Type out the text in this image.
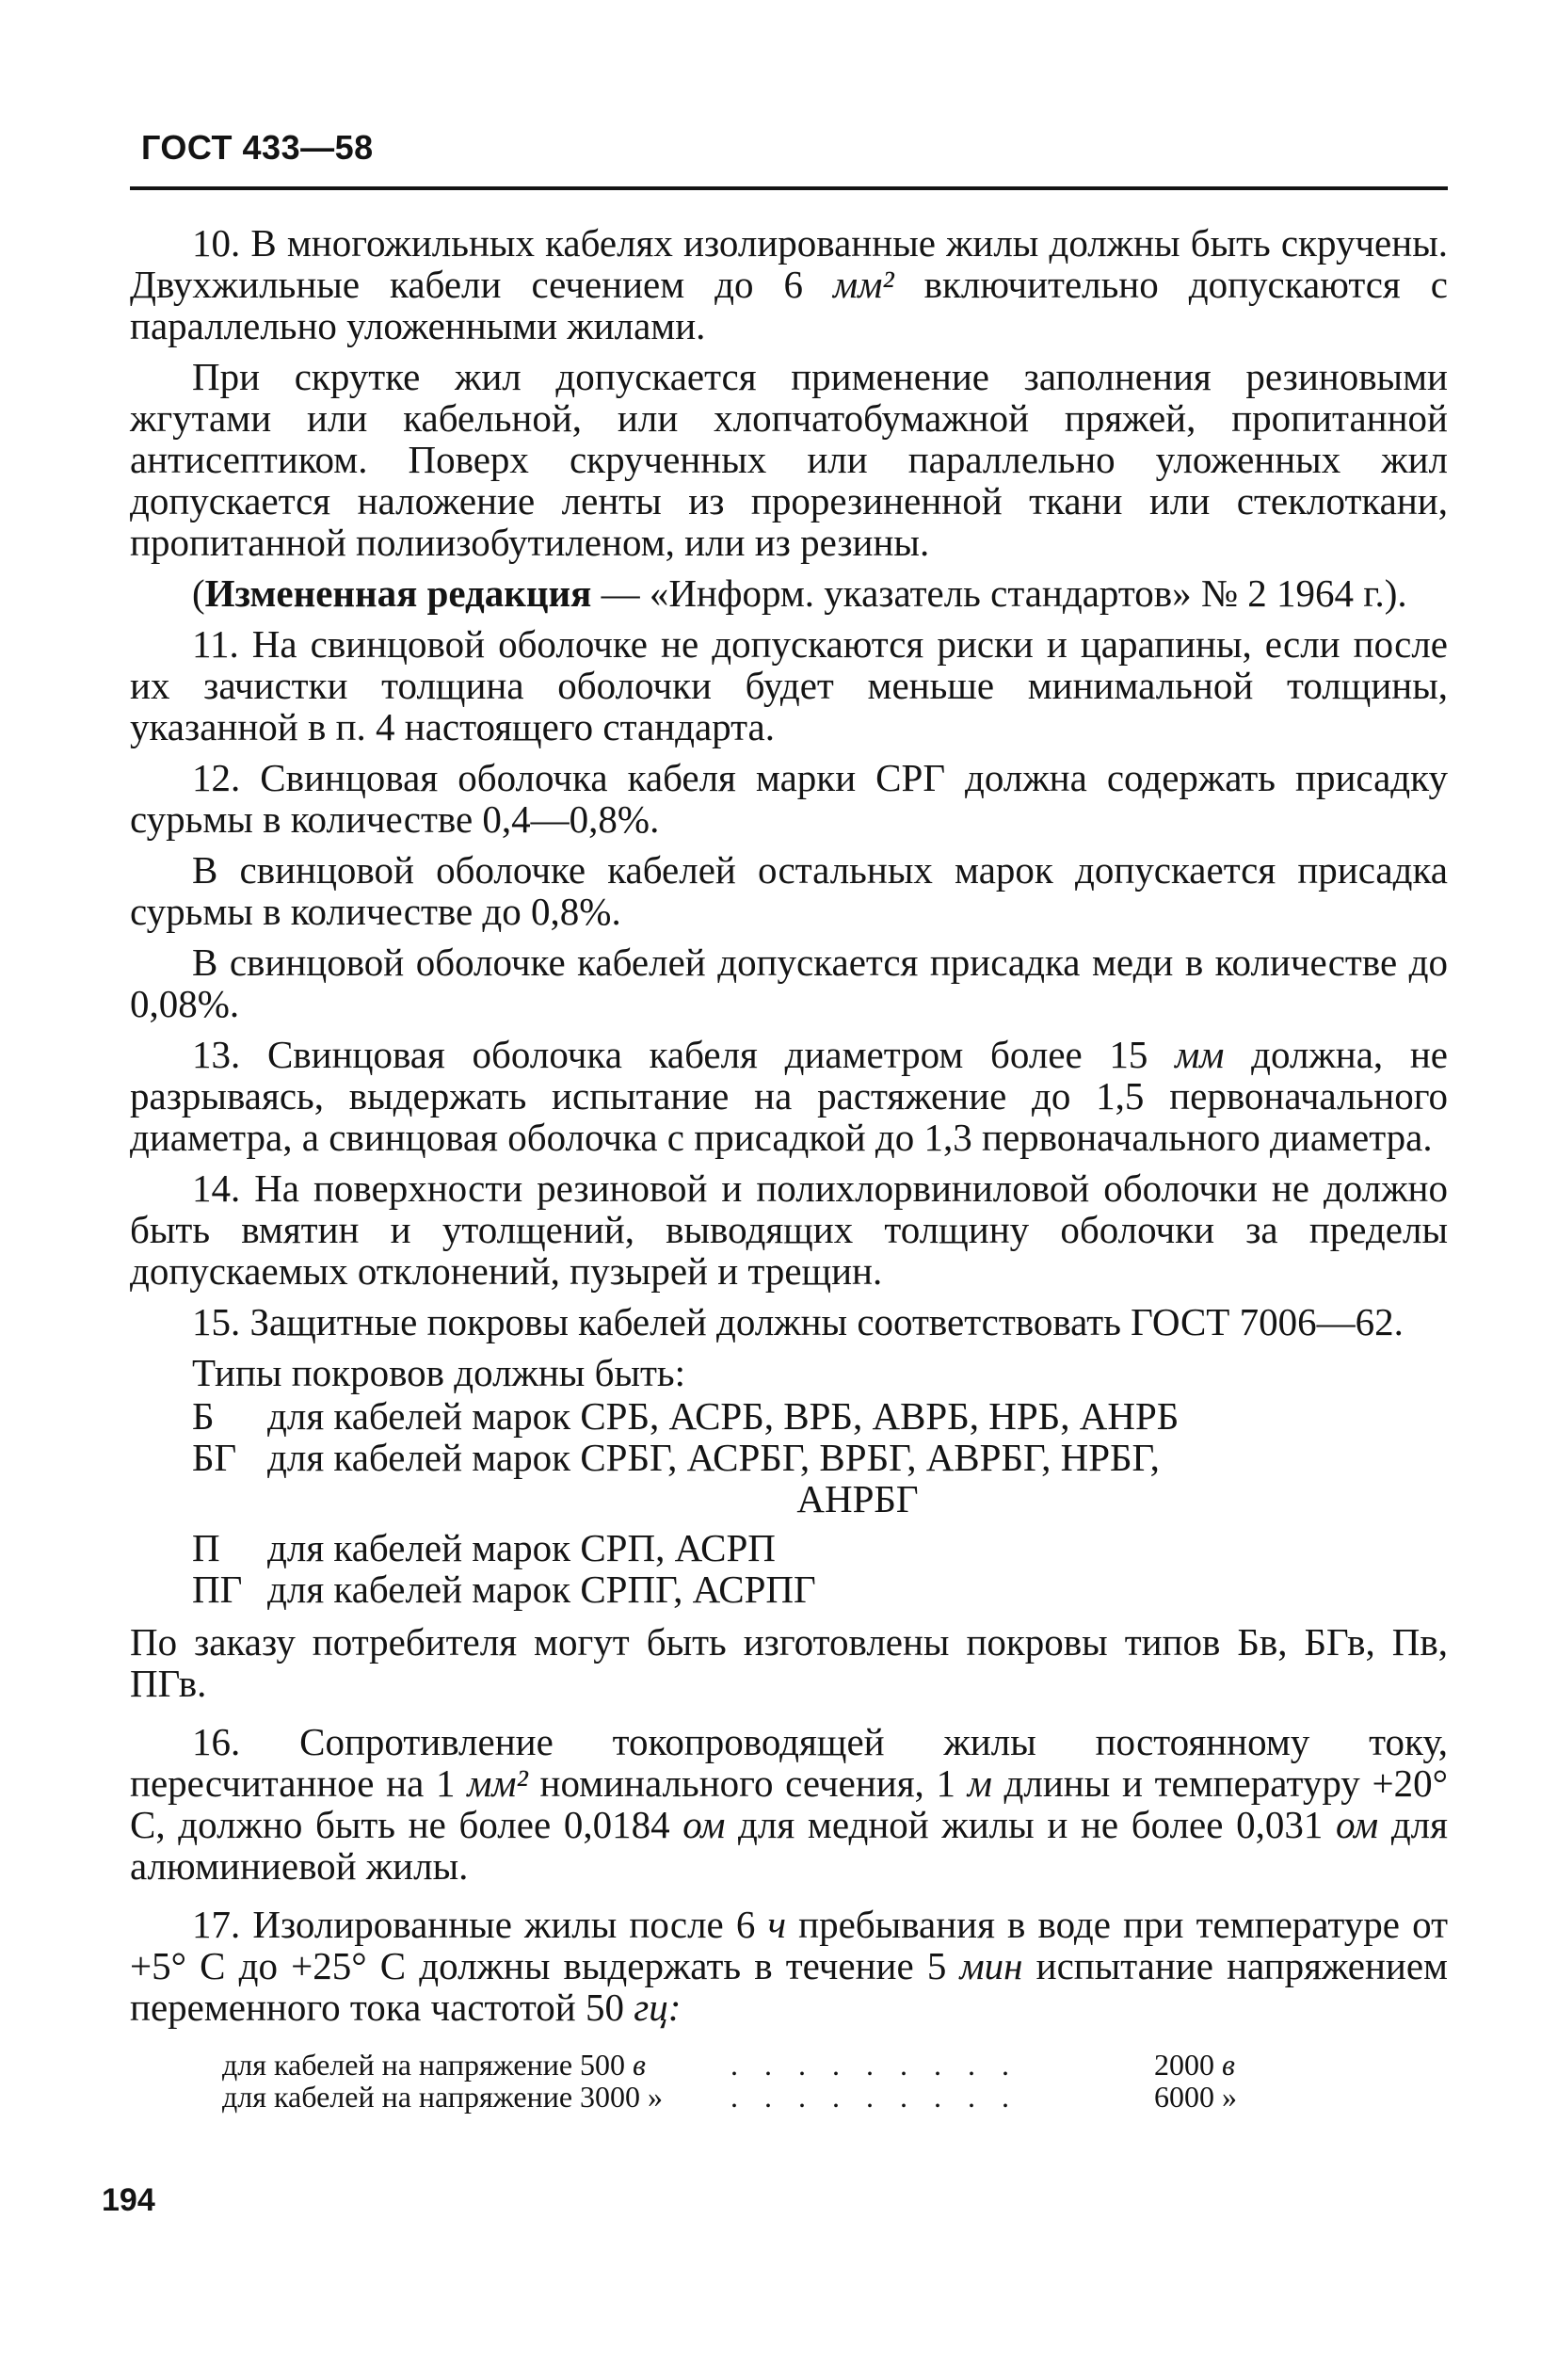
ГОСТ 433—58

10. В многожильных кабелях изолированные жилы должны быть скручены. Двухжильные кабели сечением до 6 мм² включительно допускаются с параллельно уложенными жилами.

При скрутке жил допускается применение заполнения резиновыми жгутами или кабельной, или хлопчатобумажной пряжей, пропитанной антисептиком. Поверх скрученных или параллельно уложенных жил допускается наложение ленты из прорезиненной ткани или стеклоткани, пропитанной полиизобутиленом, или из резины.

(Измененная редакция — «Информ. указатель стандартов» № 2 1964 г.).

11. На свинцовой оболочке не допускаются риски и царапины, если после их зачистки толщина оболочки будет меньше минимальной толщины, указанной в п. 4 настоящего стандарта.

12. Свинцовая оболочка кабеля марки СРГ должна содержать присадку сурьмы в количестве 0,4—0,8%.

В свинцовой оболочке кабелей остальных марок допускается присадка сурьмы в количестве до 0,8%.

В свинцовой оболочке кабелей допускается присадка меди в количестве до 0,08%.

13. Свинцовая оболочка кабеля диаметром более 15 мм должна, не разрываясь, выдержать испытание на растяжение до 1,5 первоначального диаметра, а свинцовая оболочка с присадкой до 1,3 первоначального диаметра.

14. На поверхности резиновой и полихлорвиниловой оболочки не должно быть вмятин и утолщений, выводящих толщину оболочки за пределы допускаемых отклонений, пузырей и трещин.

15. Защитные покровы кабелей должны соответствовать ГОСТ 7006—62.

Типы покровов должны быть:

Б	для кабелей марок СРБ, АСРБ, ВРБ, АВРБ, НРБ, АНРБ
БГ для кабелей марок СРБГ, АСРБГ, ВРБГ, АВРБГ, НРБГ,
АНРБГ
П	для кабелей марок СРП, АСРП
ПГ для кабелей марок СРПГ, АСРПГ

По заказу потребителя могут быть изготовлены покровы типов Бв, БГв, Пв, ПГв.

16. Сопротивление токопроводящей жилы постоянному току, пересчитанное на 1 мм² номинального сечения, 1 м длины и температуру +20° С, должно быть не более 0,0184 ом для медной жилы и не более 0,031 ом для алюминиевой жилы.

17. Изолированные жилы после 6 ч пребывания в воде при температуре от +5° С до +25° С должны выдержать в течение 5 мин испытание напряжением переменного тока частотой 50 гц:

для кабелей на напряжение 500 в	. . . . . . . . .	2000 в
для кабелей на напряжение 3000 »	. . . . . . . . .	6000 »
194
